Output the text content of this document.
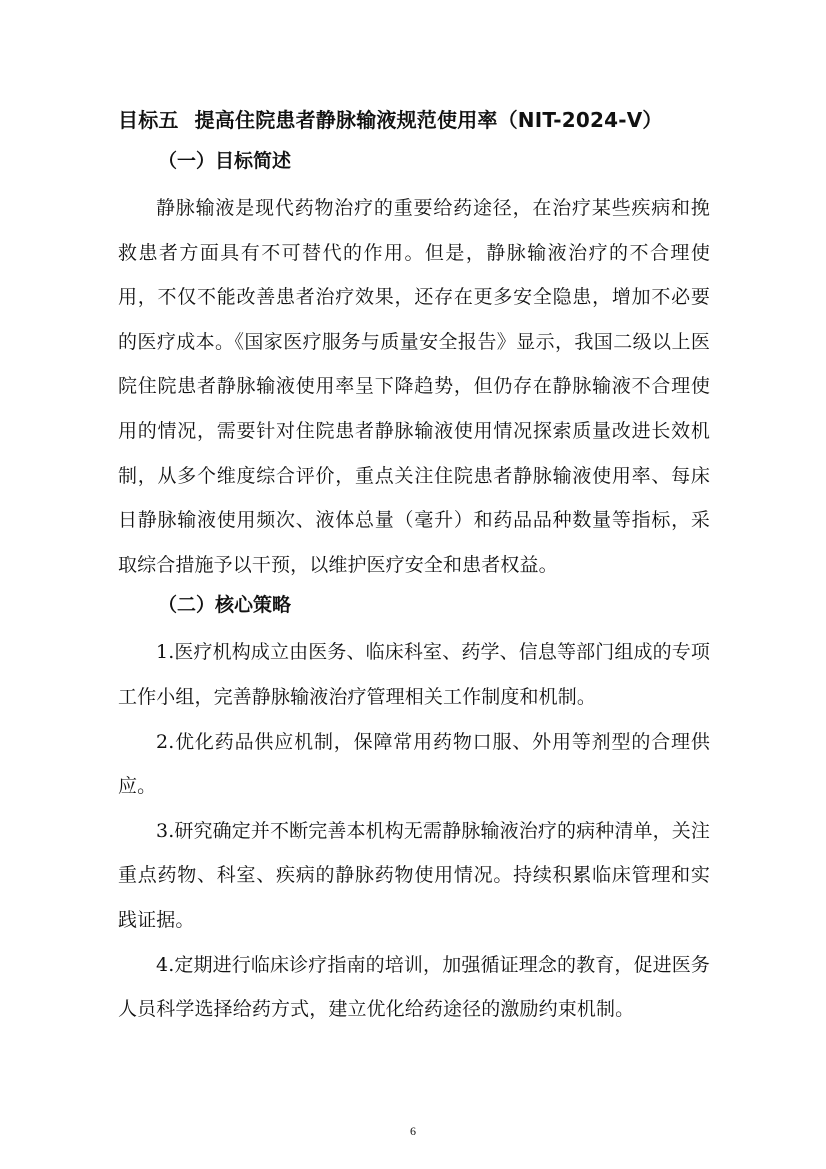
目标五 提高住院患者静脉输液规范使用率（NIT-2024-Ⅴ）
（一）目标简述

静脉输液是现代药物治疗的重要给药途径，在治疗某些疾病和挽救患者方面具有不可替代的作用。但是，静脉输液治疗的不合理使用，不仅不能改善患者治疗效果，还存在更多安全隐患，增加不必要的医疗成本。《国家医疗服务与质量安全报告》显示，我国二级以上医院住院患者静脉输液使用率呈下降趋势，但仍存在静脉输液不合理使用的情况，需要针对住院患者静脉输液使用情况探索质量改进长效机制，从多个维度综合评价，重点关注住院患者静脉输液使用率、每床日静脉输液使用频次、液体总量（毫升）和药品品种数量等指标，采取综合措施予以干预，以维护医疗安全和患者权益。

（二）核心策略

1.医疗机构成立由医务、临床科室、药学、信息等部门组成的专项工作小组，完善静脉输液治疗管理相关工作制度和机制。

2.优化药品供应机制，保障常用药物口服、外用等剂型的合理供应。

3.研究确定并不断完善本机构无需静脉输液治疗的病种清单，关注重点药物、科室、疾病的静脉药物使用情况。持续积累临床管理和实践证据。

4.定期进行临床诊疗指南的培训，加强循证理念的教育，促进医务人员科学选择给药方式，建立优化给药途径的激励约束机制。

6
